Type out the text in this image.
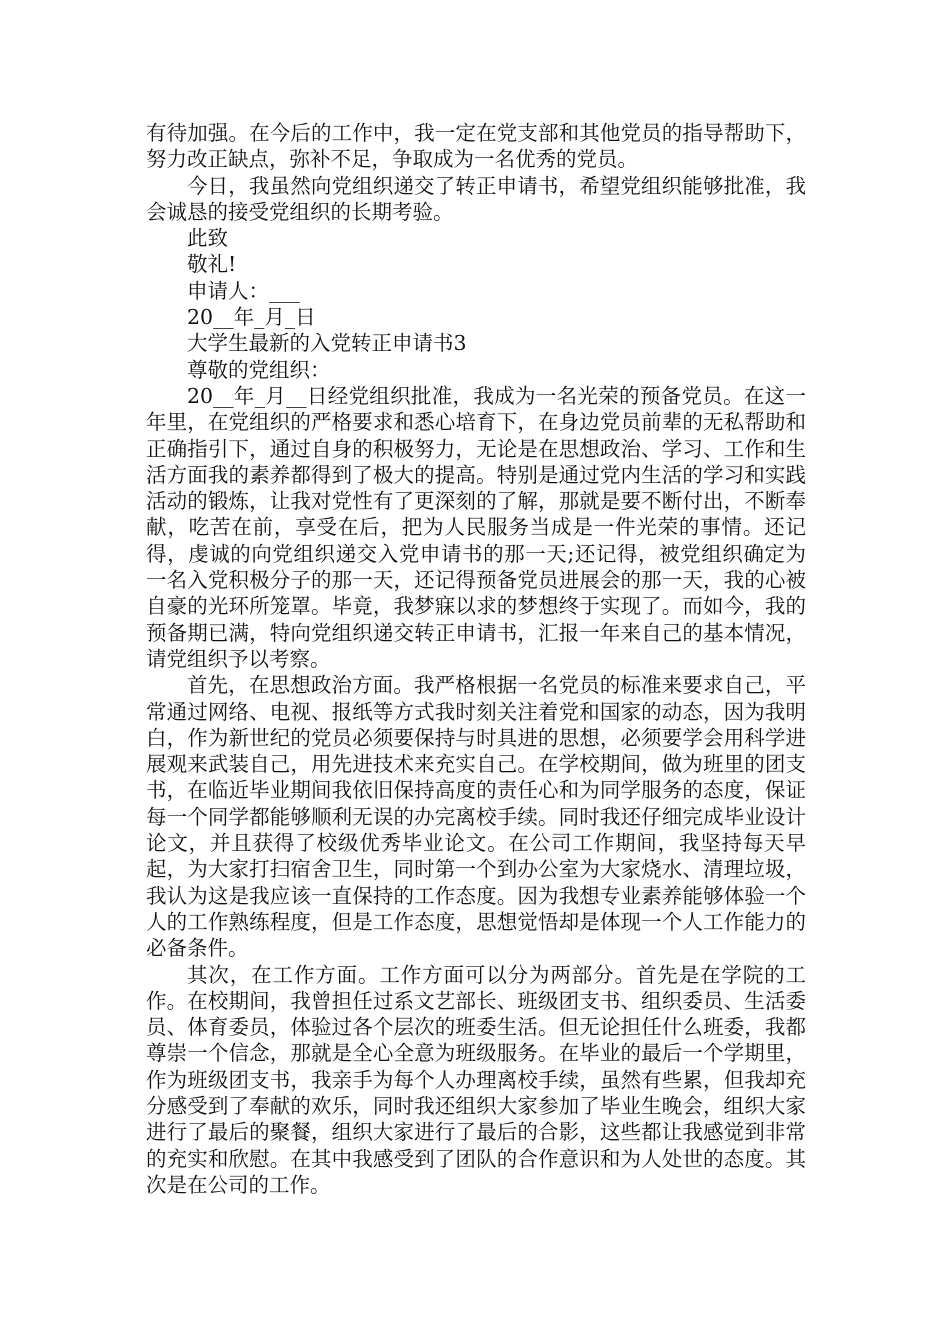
有待加强。在今后的工作中，我一定在党支部和其他党员的指导帮助下，努力改正缺点，弥补不足，争取成为一名优秀的党员。

今日，我虽然向党组织递交了转正申请书，希望党组织能够批准，我会诚恳的接受党组织的长期考验。

此致

敬礼!

申请人：___

20__年_月_日

大学生最新的入党转正申请书3

尊敬的党组织：

20__年_月__日经党组织批准，我成为一名光荣的预备党员。在这一年里，在党组织的严格要求和悉心培育下，在身边党员前辈的无私帮助和正确指引下，通过自身的积极努力，无论是在思想政治、学习、工作和生活方面我的素养都得到了极大的提高。特别是通过党内生活的学习和实践活动的锻炼，让我对党性有了更深刻的了解，那就是要不断付出，不断奉献，吃苦在前，享受在后，把为人民服务当成是一件光荣的事情。还记得，虔诚的向党组织递交入党申请书的那一天;还记得，被党组织确定为一名入党积极分子的那一天，还记得预备党员进展会的那一天，我的心被自豪的光环所笼罩。毕竟，我梦寐以求的梦想终于实现了。而如今，我的预备期已满，特向党组织递交转正申请书，汇报一年来自己的基本情况，请党组织予以考察。

首先，在思想政治方面。我严格根据一名党员的标准来要求自己，平常通过网络、电视、报纸等方式我时刻关注着党和国家的动态，因为我明白，作为新世纪的党员必须要保持与时具进的思想，必须要学会用科学进展观来武装自己，用先进技术来充实自己。在学校期间，做为班里的团支书，在临近毕业期间我依旧保持高度的责任心和为同学服务的态度，保证每一个同学都能够顺利无误的办完离校手续。同时我还仔细完成毕业设计论文，并且获得了校级优秀毕业论文。在公司工作期间，我坚持每天早起，为大家打扫宿舍卫生，同时第一个到办公室为大家烧水、清理垃圾，我认为这是我应该一直保持的工作态度。因为我想专业素养能够体验一个人的工作熟练程度，但是工作态度，思想觉悟却是体现一个人工作能力的必备条件。

其次，在工作方面。工作方面可以分为两部分。首先是在学院的工作。在校期间，我曾担任过系文艺部长、班级团支书、组织委员、生活委员、体育委员，体验过各个层次的班委生活。但无论担任什么班委，我都尊崇一个信念，那就是全心全意为班级服务。在毕业的最后一个学期里，作为班级团支书，我亲手为每个人办理离校手续，虽然有些累，但我却充分感受到了奉献的欢乐，同时我还组织大家参加了毕业生晚会，组织大家进行了最后的聚餐，组织大家进行了最后的合影，这些都让我感觉到非常的充实和欣慰。在其中我感受到了团队的合作意识和为人处世的态度。其次是在公司的工作。
